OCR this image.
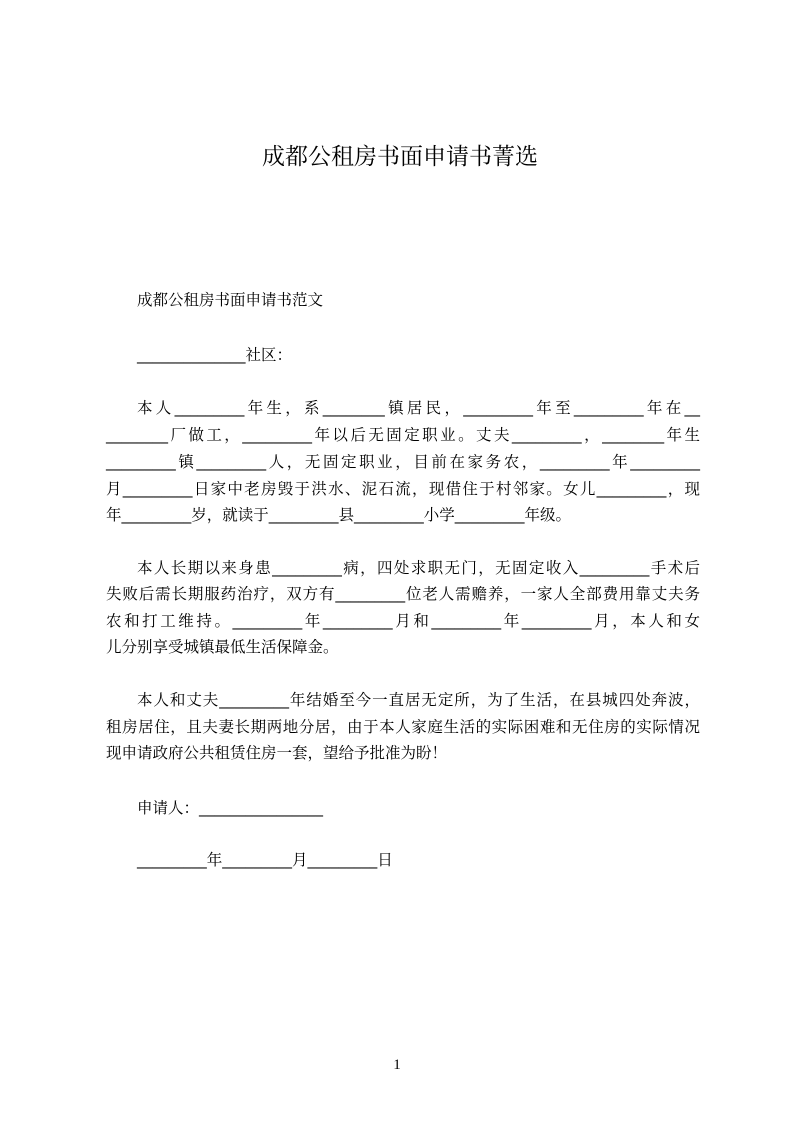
成都公租房书面申请书菁选
成都公租房书面申请书范文
______________社区：
本人_________年生，系________镇居民，_________年至_________年在__
________厂做工，_________年以后无固定职业。丈夫_________，________年生
_________镇_________人，无固定职业，目前在家务农，_________年_________
月_________日家中老房毁于洪水、泥石流，现借住于村邻家。女儿_________，现
年_________岁，就读于_________县_________小学_________年级。
本人长期以来身患_________病，四处求职无门，无固定收入_________手术后
失败后需长期服药治疗，双方有_________位老人需赡养，一家人全部费用靠丈夫务
农和打工维持。_________年_________月和_________年_________月，本人和女
儿分别享受城镇最低生活保障金。
本人和丈夫_________年结婚至今一直居无定所，为了生活，在县城四处奔波，
租房居住，且夫妻长期两地分居，由于本人家庭生活的实际困难和无住房的实际情况
现申请政府公共租赁住房一套，望给予批准为盼！
申请人：________________
_________年_________月_________日
1
